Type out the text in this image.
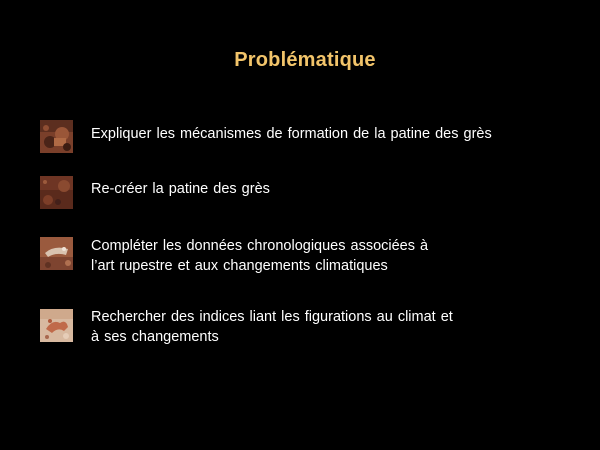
Problématique
Expliquer les mécanismes de formation de la patine des grès
Re-créer la patine des grès
Compléter les données chronologiques associées à
l’art rupestre et aux changements climatiques
Rechercher des indices liant les figurations au climat et
à ses changements
